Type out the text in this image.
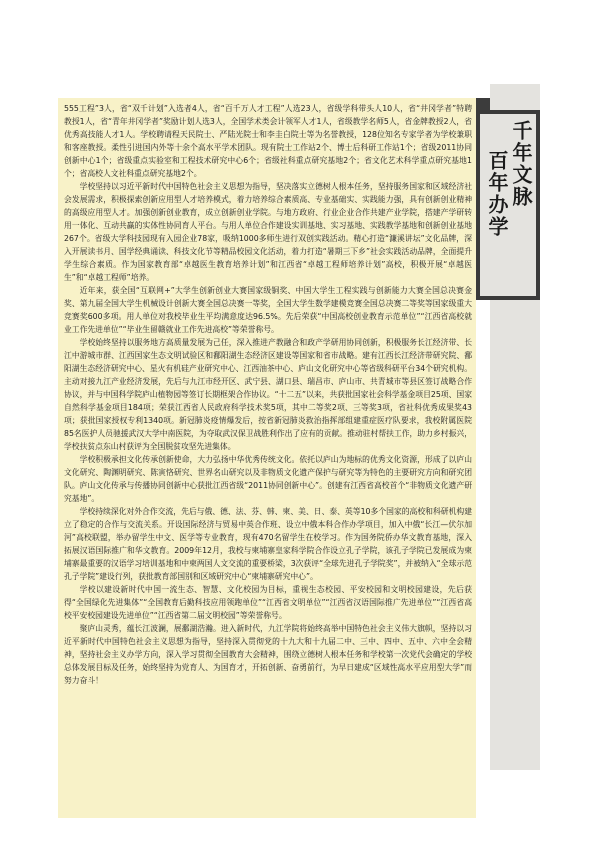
千年文脉
百年办学

555工程”3人，省“双千计划”入选者4人，省“百千万人才工程”人选23人，省级学科带头人10人，省“井冈学者”特聘教授1人，省“青年井冈学者”奖励计划人选3人，全国学术类会计领军人才1人，省级教学名师5人，省金牌教授2人，省优秀高技能人才1人。学校聘请程天民院士、严陆光院士和李圭白院士等为名誉教授，128位知名专家学者为学校兼职和客座教授。柔性引进国内外等十余个高水平学术团队。现有院士工作站2个、博士后科研工作站1个；省级2011协同创新中心1个；省级重点实验室和工程技术研究中心6个；省级社科重点研究基地2个；省文化艺术科学重点研究基地1个；省高校人文社科重点研究基地2个。

学校坚持以习近平新时代中国特色社会主义思想为指导，坚决落实立德树人根本任务，坚持服务国家和区域经济社会发展需求，积极探索创新应用型人才培养模式，着力培养综合素质高、专业基础实、实践能力强，具有创新创业精神的高级应用型人才。加强创新创业教育，成立创新创业学院。与地方政府、行业企业合作共建产业学院，搭建产学研转用一体化、互动共赢的实体性协同育人平台。与用人单位合作建设实训基地、实习基地、实践教学基地和创新创业基地267个。省级大学科技园现有入园企业78家，吸纳1000多师生进行双创实践活动。精心打造“濂溪讲坛”文化品牌，深入开展读书月、国学经典诵读、科技文化节等精品校园文化活动，着力打造“暑期三下乡”社会实践活动品牌，全面提升学生综合素质。作为国家教育部“卓越医生教育培养计划”和江西省“卓越工程师培养计划”高校，积极开展“卓越医生”和“卓越工程师”培养。

近年来，获全国“互联网+”大学生创新创业大赛国家级铜奖、中国大学生工程实践与创新能力大赛全国总决赛金奖、第九届全国大学生机械设计创新大赛全国总决赛一等奖，全国大学生数学建模竞赛全国总决赛二等奖等国家级重大竞赛奖600多项。用人单位对我校毕业生平均满意度达96.5%。先后荣获“中国高校创业教育示范单位”“江西省高校就业工作先进单位”“毕业生留赣就业工作先进高校”等荣誉称号。

学校始终坚持以服务地方高质量发展为己任，深入推进产教融合和政产学研用协同创新，积极服务长江经济带、长江中游城市群、江西国家生态文明试验区和鄱阳湖生态经济区建设等国家和省市战略。建有江西长江经济带研究院、鄱阳湖生态经济研究中心、星火有机硅产业研究中心、江西油茶中心、庐山文化研究中心等省级科研平台34个研究机构。主动对接九江产业经济发展，先后与九江市经开区、武宁县、湖口县、瑞昌市、庐山市、共青城市等县区签订战略合作协议，并与中国科学院庐山植物园等签订长期框架合作协议。“十二五”以来，共获批国家社会科学基金项目25项、国家自然科学基金项目184项；荣获江西省人民政府科学技术奖5项，其中二等奖2项、三等奖3项，省社科优秀成果奖43项；获批国家授权专利1340项。新冠肺炎疫情爆发后，按省新冠肺炎救治指挥部组建重症医疗队要求，我校附属医院85名医护人员驰援武汉大学中南医院，为夺取武汉保卫战胜利作出了应有的贡献。推动驻村帮扶工作，助力乡村振兴，学校扶贫点东山村获评为全国脱贫攻坚先进集体。

学校积极承担文化传承创新使命，大力弘扬中华优秀传统文化。依托以庐山为地标的优秀文化资源，形成了以庐山文化研究、陶渊明研究、陈寅恪研究、世界名山研究以及非物质文化遗产保护与研究等为特色的主要研究方向和研究团队。庐山文化传承与传播协同创新中心获批江西省级“2011协同创新中心”。创建有江西省高校首个“非物质文化遗产研究基地”。

学校持续深化对外合作交流，先后与俄、德、法、芬、韩、柬、美、日、泰、英等10多个国家的高校和科研机构建立了稳定的合作与交流关系。开设国际经济与贸易中英合作班、设立中俄本科合作办学项目，加入中俄“长江—伏尔加河”高校联盟，举办留学生中文、医学等专业教育，现有470名留学生在校学习。作为国务院侨办华文教育基地，深入拓展汉语国际推广和华文教育。2009年12月，我校与柬埔寨皇家科学院合作设立孔子学院，该孔子学院已发展成为柬埔寨最重要的汉语学习培训基地和中柬两国人文交流的重要桥梁，3次获评“全球先进孔子学院奖”，并被纳入“全球示范孔子学院”建设行列，获批教育部国别和区域研究中心“柬埔寨研究中心”。

学校以建设新时代中国一流生态、智慧、文化校园为目标，重视生态校园、平安校园和文明校园建设，先后获得“全国绿化先进集体”“全国教育后勤科技应用领跑单位”“江西省文明单位”“江西省汉语国际推广先进单位”“江西省高校平安校园建设先进单位”“江西省第二届文明校园”等荣誉称号。

聚庐山灵秀，蕴长江波澜，展鄱湖浩瀚。进入新时代，九江学院将始终高举中国特色社会主义伟大旗帜，坚持以习近平新时代中国特色社会主义思想为指导，坚持深入贯彻党的十九大和十九届二中、三中、四中、五中、六中全会精神，坚持社会主义办学方向，深入学习贯彻全国教育大会精神，围绕立德树人根本任务和学校第一次党代会确定的学校总体发展目标及任务，始终坚持为党育人、为国育才，开拓创新、奋勇前行，为早日建成“区域性高水平应用型大学”而努力奋斗！
